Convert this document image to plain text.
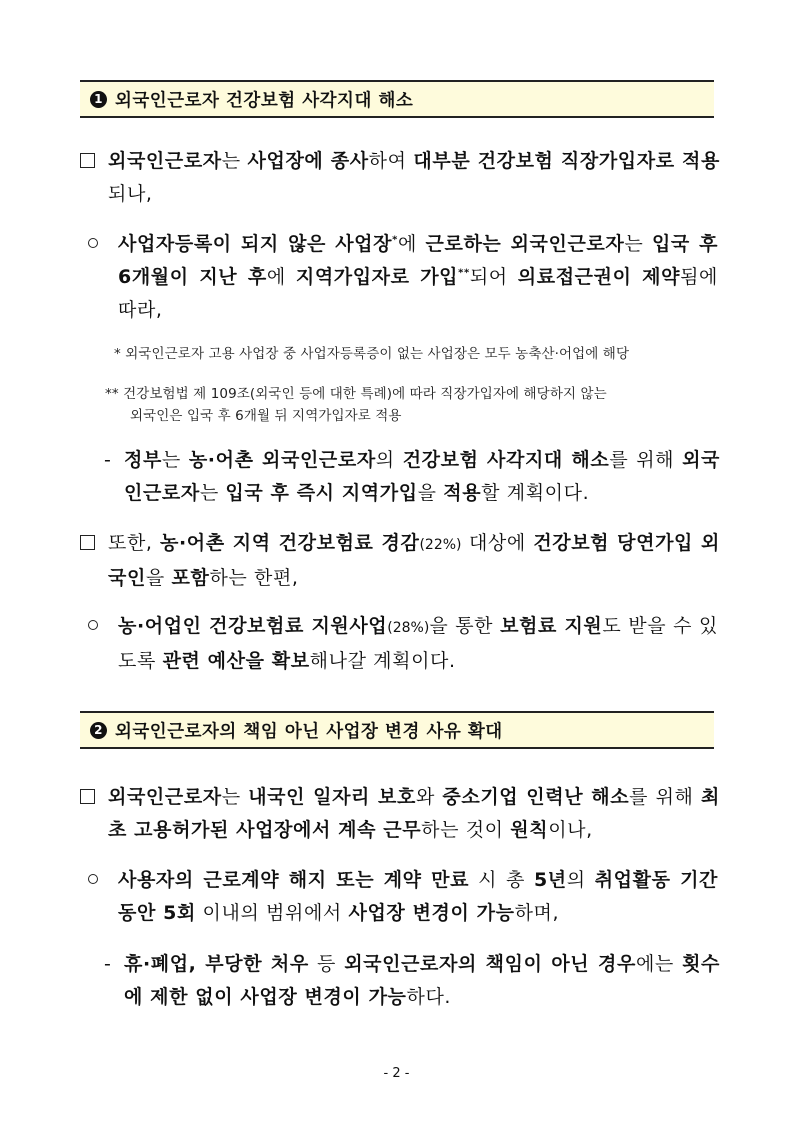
1 외국인근로자 건강보험 사각지대 해소
외국인근로자는 사업장에 종사하여 대부분 건강보험 직장가입자로 적용되나,
사업자등록이 되지 않은 사업장*에 근로하는 외국인근로자는 입국 후 6개월이 지난 후에 지역가입자로 가입**되어 의료접근권이 제약됨에 따라,
* 외국인근로자 고용 사업장 중 사업자등록증이 없는 사업장은 모두 농축산·어업에 해당
** 건강보험법 제 109조(외국인 등에 대한 특례)에 따라 직장가입자에 해당하지 않는
외국인은 입국 후 6개월 뒤 지역가입자로 적용
- 정부는 농·어촌 외국인근로자의 건강보험 사각지대 해소를 위해 외국인근로자는 입국 후 즉시 지역가입을 적용할 계획이다.
또한, 농·어촌 지역 건강보험료 경감(22%) 대상에 건강보험 당연가입 외국인을 포함하는 한편,
농·어업인 건강보험료 지원사업(28%)을 통한 보험료 지원도 받을 수 있도록 관련 예산을 확보해나갈 계획이다.
2 외국인근로자의 책임 아닌 사업장 변경 사유 확대
외국인근로자는 내국인 일자리 보호와 중소기업 인력난 해소를 위해 최초 고용허가된 사업장에서 계속 근무하는 것이 원칙이나,
사용자의 근로계약 해지 또는 계약 만료 시 총 5년의 취업활동 기간 동안 5회 이내의 범위에서 사업장 변경이 가능하며,
- 휴·폐업, 부당한 처우 등 외국인근로자의 책임이 아닌 경우에는 횟수에 제한 없이 사업장 변경이 가능하다.
- 2 -
